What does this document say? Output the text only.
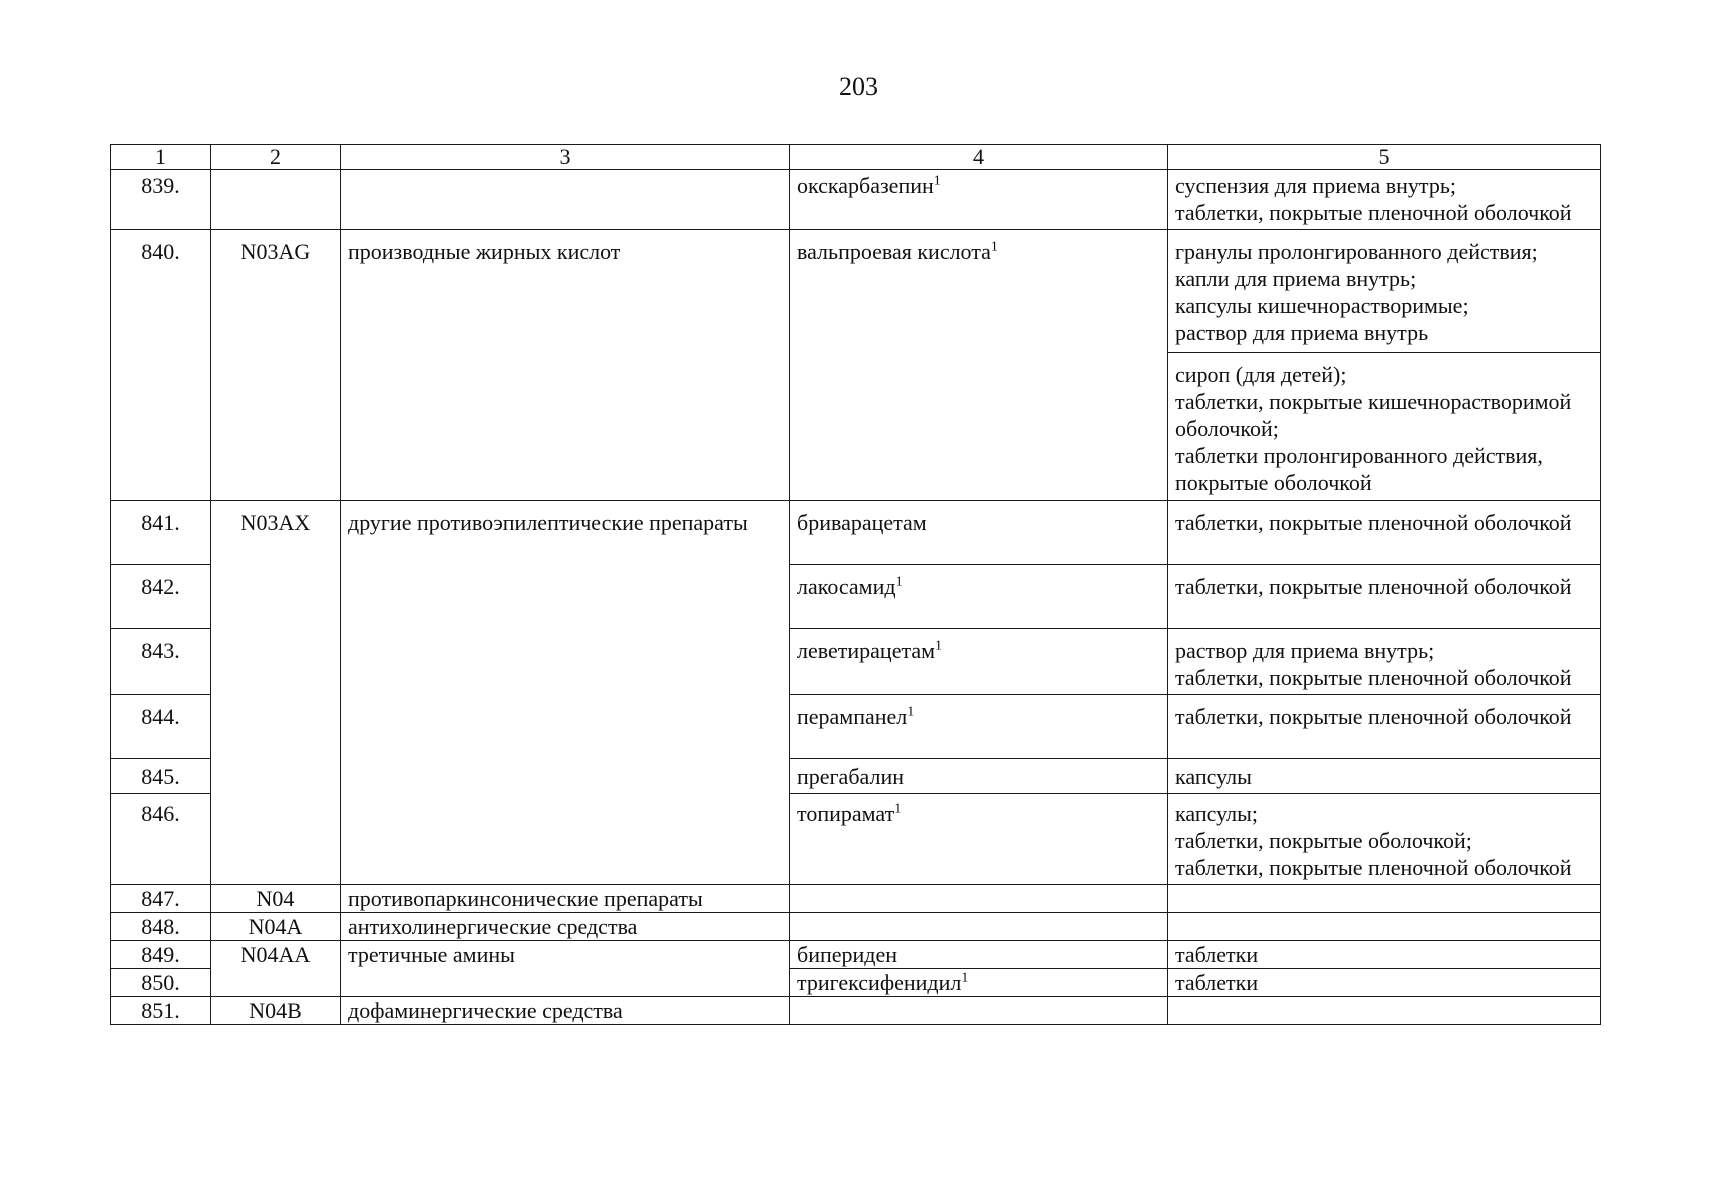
203
1	2	3	4	5
839.			окскарбазепин$^1$	суспензия для приема внутрь;
таблетки, покрытые пленочной оболочкой

840.	N03AG	производные жирных кислот	вальпроевая кислота$^1$	гранулы пролонгированного действия;
капли для приема внутрь;
капсулы кишечнорастворимые;
раствор для приема внутрь

				сироп (для детей);
таблетки, покрытые кишечнорастворимой оболочкой;
таблетки пролонгированного действия, покрытые оболочкой

841.	N03AX	другие противоэпилептические препараты	бриварацетам	таблетки, покрытые пленочной оболочкой

842.			лакосамид$^1$	таблетки, покрытые пленочной оболочкой

843.			леветирацетам$^1$	раствор для приема внутрь;
таблетки, покрытые пленочной оболочкой

844.			перампанел$^1$	таблетки, покрытые пленочной оболочкой

845.			прегабалин	капсулы

846.			топирамат$^1$	капсулы;
таблетки, покрытые оболочкой;
таблетки, покрытые пленочной оболочкой

847.	N04	противопаркинсонические препараты		
848.	N04A	антихолинергические средства		
849.	N04AA	третичные амины	бипериден	таблетки

850.			тригексифенидил$^1$	таблетки

851.	N04B	дофаминергические средства		
